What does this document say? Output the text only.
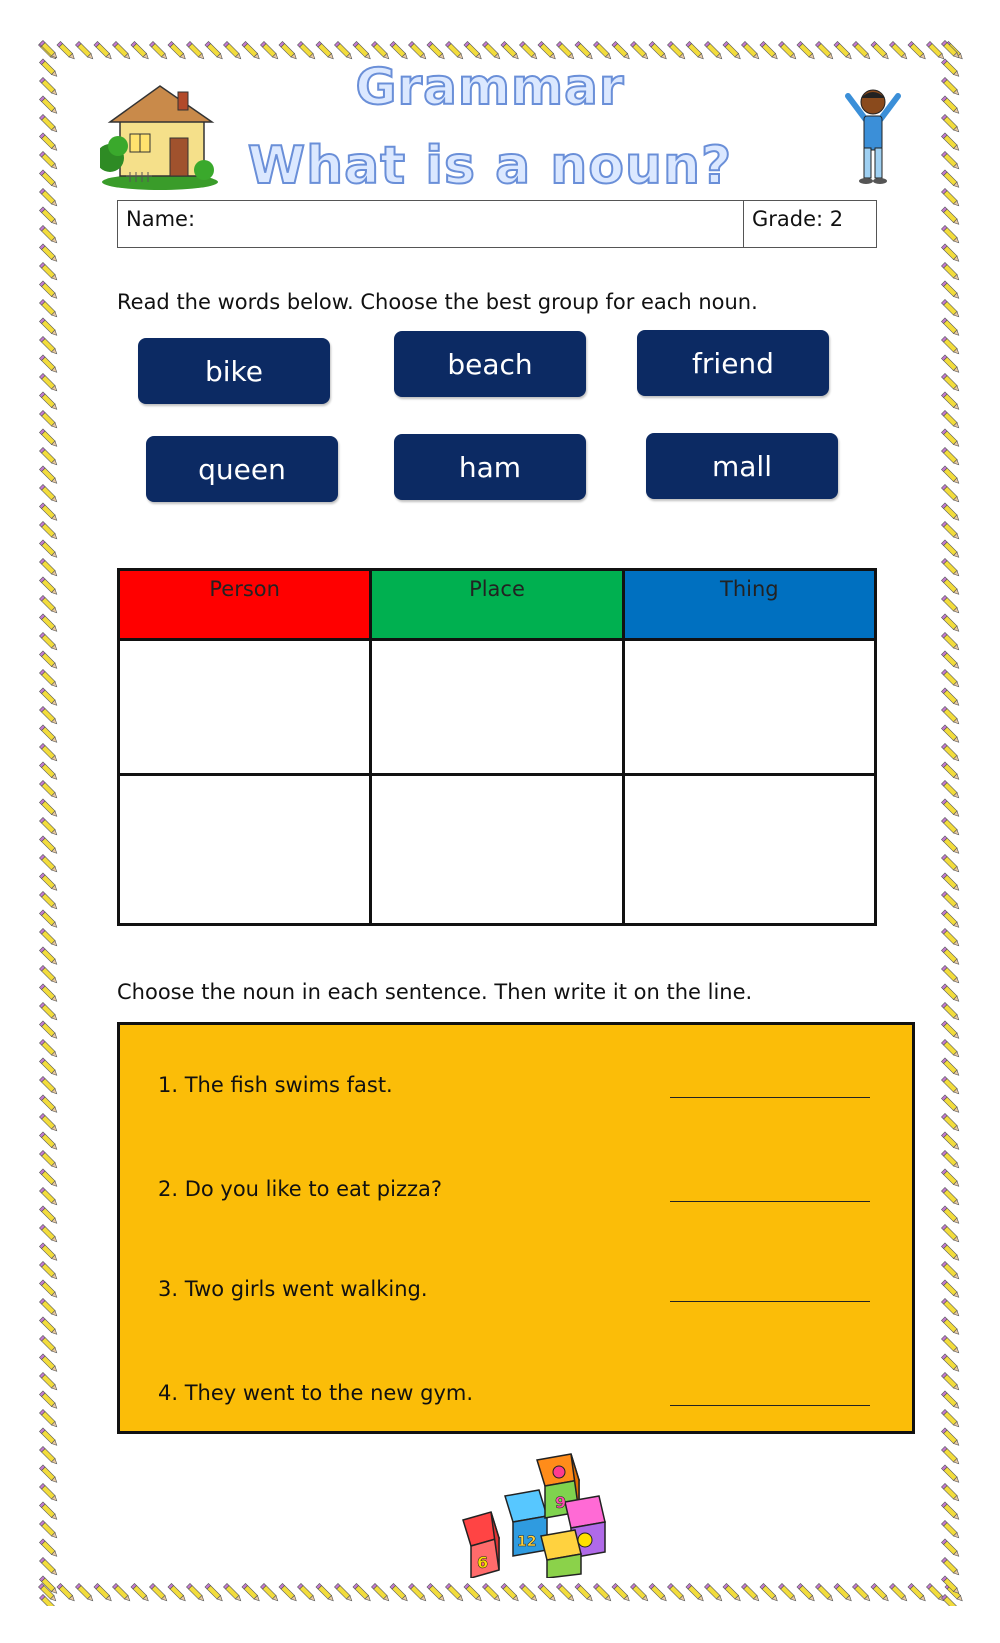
Grammar
What is a noun?
Name:	Grade: 2
Read the words below. Choose the best group for each noun.
bike	beach	friend
queen	ham	mall
Person	Place	Thing

Choose the noun in each sentence. Then write it on the line.
1. The fish swims fast.
2. Do you like to eat pizza?
3. Two girls went walking.
4. They went to the new gym.
6
12
9
